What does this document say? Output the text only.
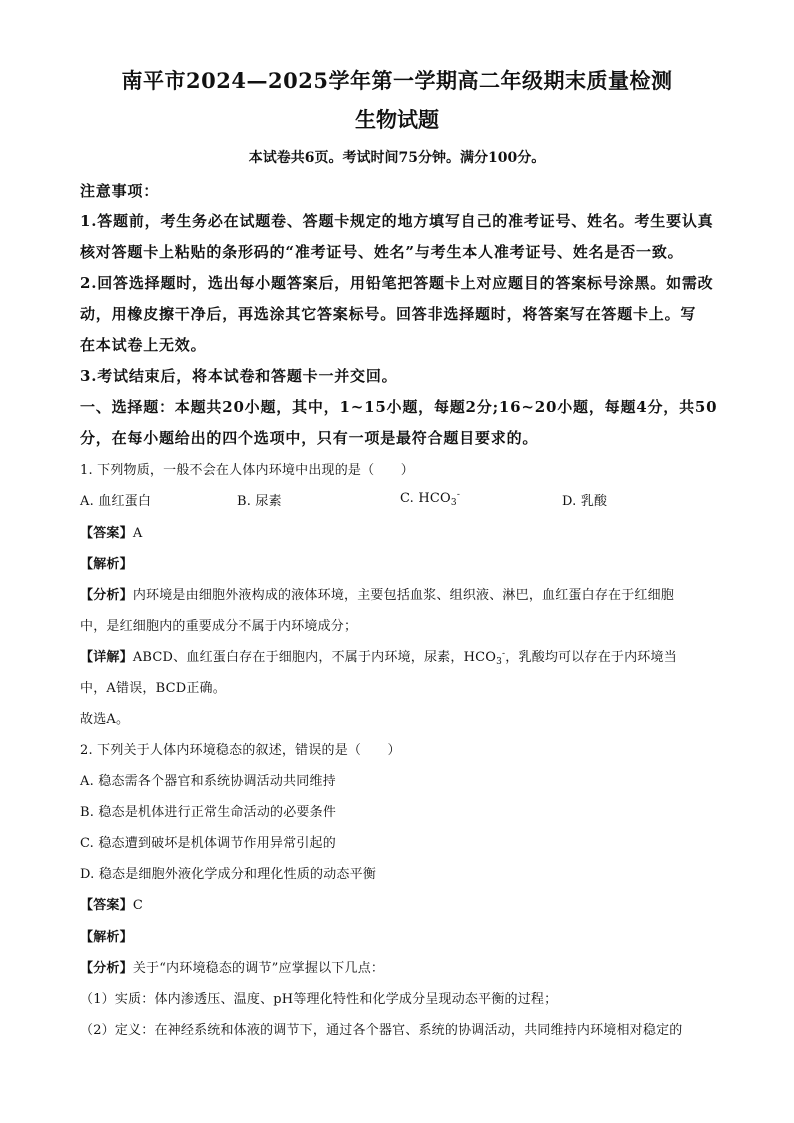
南平市2024—2025学年第一学期高二年级期末质量检测
生物试题
本试卷共6页。考试时间75分钟。满分100分。
注意事项：
1.答题前，考生务必在试题卷、答题卡规定的地方填写自己的准考证号、姓名。考生要认真
核对答题卡上粘贴的条形码的“准考证号、姓名”与考生本人准考证号、姓名是否一致。
2.回答选择题时，选出每小题答案后，用铅笔把答题卡上对应题目的答案标号涂黑。如需改
动，用橡皮擦干净后，再选涂其它答案标号。回答非选择题时，将答案写在答题卡上。写
在本试卷上无效。
3.考试结束后，将本试卷和答题卡一并交回。
一、选择题：本题共20小题，其中，1~15小题，每题2分;16~20小题，每题4分，共50
分，在每小题给出的四个选项中，只有一项是最符合题目要求的。
1. 下列物质，一般不会在人体内环境中出现的是（　　）
A. 血红蛋白	B. 尿素	C. $HCO_3^-$	D. 乳酸
【答案】A
【解析】
【分析】内环境是由细胞外液构成的液体环境，主要包括血浆、组织液、淋巴，血红蛋白存在于红细胞
中，是红细胞内的重要成分不属于内环境成分；
【详解】ABCD、血红蛋白存在于细胞内，不属于内环境，尿素，$HCO_3^-$，乳酸均可以存在于内环境当
中，A错误，BCD正确。
故选A。
2. 下列关于人体内环境稳态的叙述，错误的是（　　）
A. 稳态需各个器官和系统协调活动共同维持
B. 稳态是机体进行正常生命活动的必要条件
C. 稳态遭到破坏是机体调节作用异常引起的
D. 稳态是细胞外液化学成分和理化性质的动态平衡
【答案】C
【解析】
【分析】关于“内环境稳态的调节”应掌握以下几点：
（1）实质：体内渗透压、温度、pH等理化特性和化学成分呈现动态平衡的过程；
（2）定义：在神经系统和体液的调节下，通过各个器官、系统的协调活动，共同维持内环境相对稳定的
